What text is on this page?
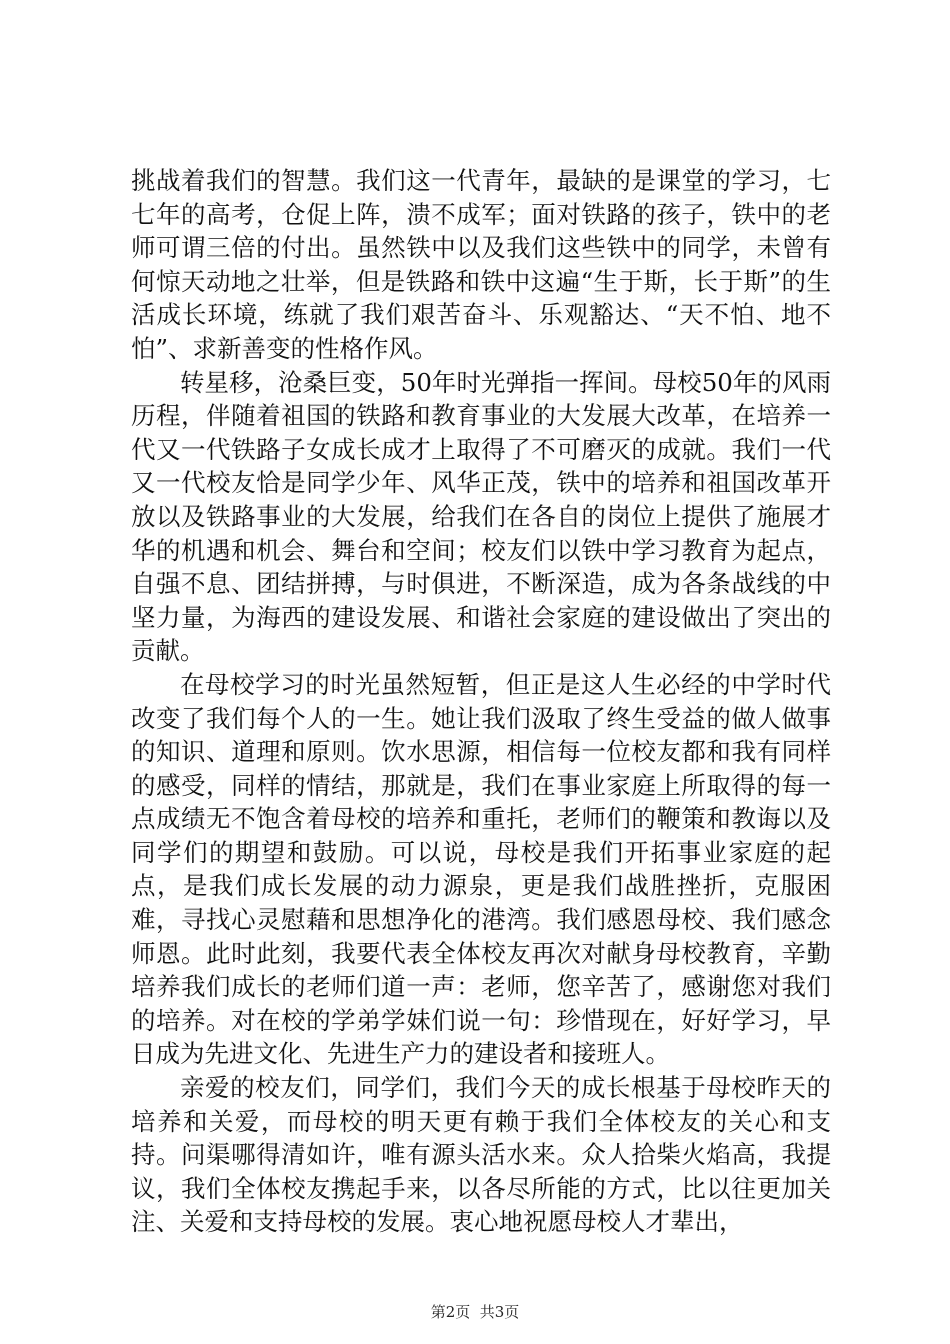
挑战着我们的智慧。我们这一代青年，最缺的是课堂的学习，七七年的高考，仓促上阵，溃不成军；面对铁路的孩子，铁中的老师可谓三倍的付出。虽然铁中以及我们这些铁中的同学，未曾有何惊天动地之壮举，但是铁路和铁中这遍“生于斯，长于斯”的生活成长环境，练就了我们艰苦奋斗、乐观豁达、“天不怕、地不怕”、求新善变的性格作风。

转星移，沧桑巨变，50年时光弹指一挥间。母校50年的风雨历程，伴随着祖国的铁路和教育事业的大发展大改革，在培养一代又一代铁路子女成长成才上取得了不可磨灭的成就。我们一代又一代校友恰是同学少年、风华正茂，铁中的培养和祖国改革开放以及铁路事业的大发展，给我们在各自的岗位上提供了施展才华的机遇和机会、舞台和空间；校友们以铁中学习教育为起点，自强不息、团结拼搏，与时俱进，不断深造，成为各条战线的中坚力量，为海西的建设发展、和谐社会家庭的建设做出了突出的贡献。

在母校学习的时光虽然短暂，但正是这人生必经的中学时代改变了我们每个人的一生。她让我们汲取了终生受益的做人做事的知识、道理和原则。饮水思源，相信每一位校友都和我有同样的感受，同样的情结，那就是，我们在事业家庭上所取得的每一点成绩无不饱含着母校的培养和重托，老师们的鞭策和教诲以及同学们的期望和鼓励。可以说，母校是我们开拓事业家庭的起点，是我们成长发展的动力源泉，更是我们战胜挫折，克服困难，寻找心灵慰藉和思想净化的港湾。我们感恩母校、我们感念师恩。此时此刻，我要代表全体校友再次对献身母校教育，辛勤培养我们成长的老师们道一声：老师，您辛苦了，感谢您对我们的培养。对在校的学弟学妹们说一句：珍惜现在，好好学习，早日成为先进文化、先进生产力的建设者和接班人。

亲爱的校友们，同学们，我们今天的成长根基于母校昨天的培养和关爱，而母校的明天更有赖于我们全体校友的关心和支持。问渠哪得清如许，唯有源头活水来。众人拾柴火焰高，我提议，我们全体校友携起手来，以各尽所能的方式，比以往更加关注、关爱和支持母校的发展。衷心地祝愿母校人才辈出，

第2页  共3页
